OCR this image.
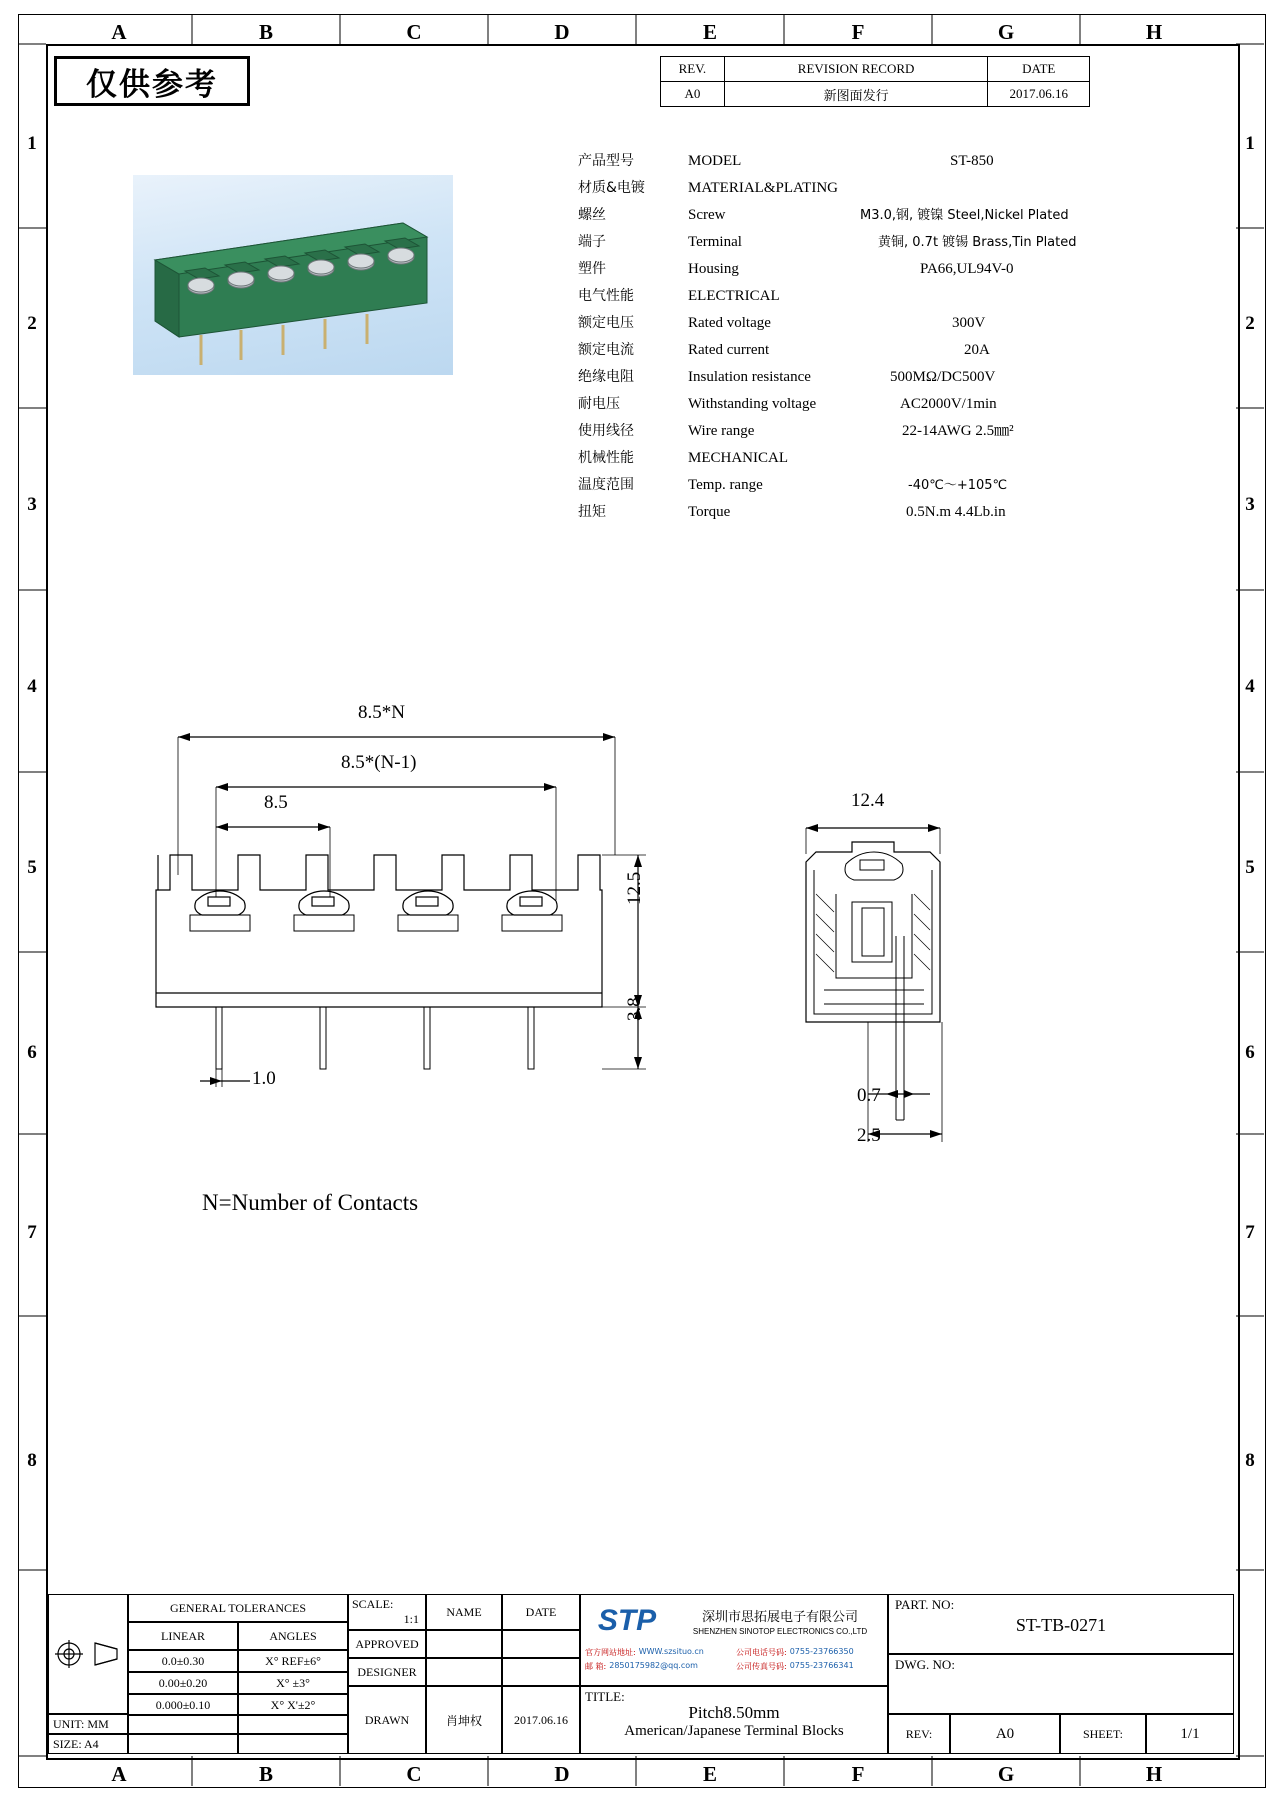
A	B	C	D	E	F	G	H
A	B	C	D	E	F	G	H
1
2
3
4
5
6
7
8
1
2
3
4
5
6
7
8
仅供参考	REV.	REVISION RECORD	DATE
A0	新图面发行	2017.06.16
产品型号	MODEL	ST-850
材质&电镀	MATERIAL&PLATING
螺丝	Screw	M3.0,钢, 镀镍 Steel,Nickel Plated
端子	Terminal	黄铜, 0.7t 镀锡 Brass,Tin Plated
塑件	Housing	PA66,UL94V-0
电气性能	ELECTRICAL
额定电压	Rated voltage	300V
额定电流	Rated current	20A
绝缘电阻	Insulation resistance	500MΩ/DC500V
耐电压	Withstanding voltage	AC2000V/1min
使用线径	Wire range	22-14AWG 2.5㎜²
机械性能	MECHANICAL
温度范围	Temp. range	-40℃～+105℃
扭矩	Torque	0.5N.m 4.4Lb.in
8.5*N
8.5*(N-1)
8.5
12.5
3.8
1.0
12.4
0.7
2.5
N=Number of Contacts
GENERAL TOLERANCES
LINEAR	ANGLES
0.0±0.30	X° REF±6°
0.00±0.20	X° ±3°
0.000±0.10	X° X'±2°
UNIT: MM
SIZE: A4
SCALE:
1:1
NAME	DATE
APPROVED
DESIGNER
DRAWN	肖坤权	2017.06.16
STP	深圳市思拓展电子有限公司
SHENZHEN SINOTOP ELECTRONICS CO.,LTD
官方网站地址: WWW.szsituo.cn
邮 箱: 2850175982@qq.com
公司电话号码: 0755-23766350
公司传真号码: 0755-23766341
TITLE:
Pitch8.50mm
American/Japanese Terminal Blocks
PART. NO:
ST-TB-0271
DWG. NO:
REV:	A0	SHEET:	1/1
